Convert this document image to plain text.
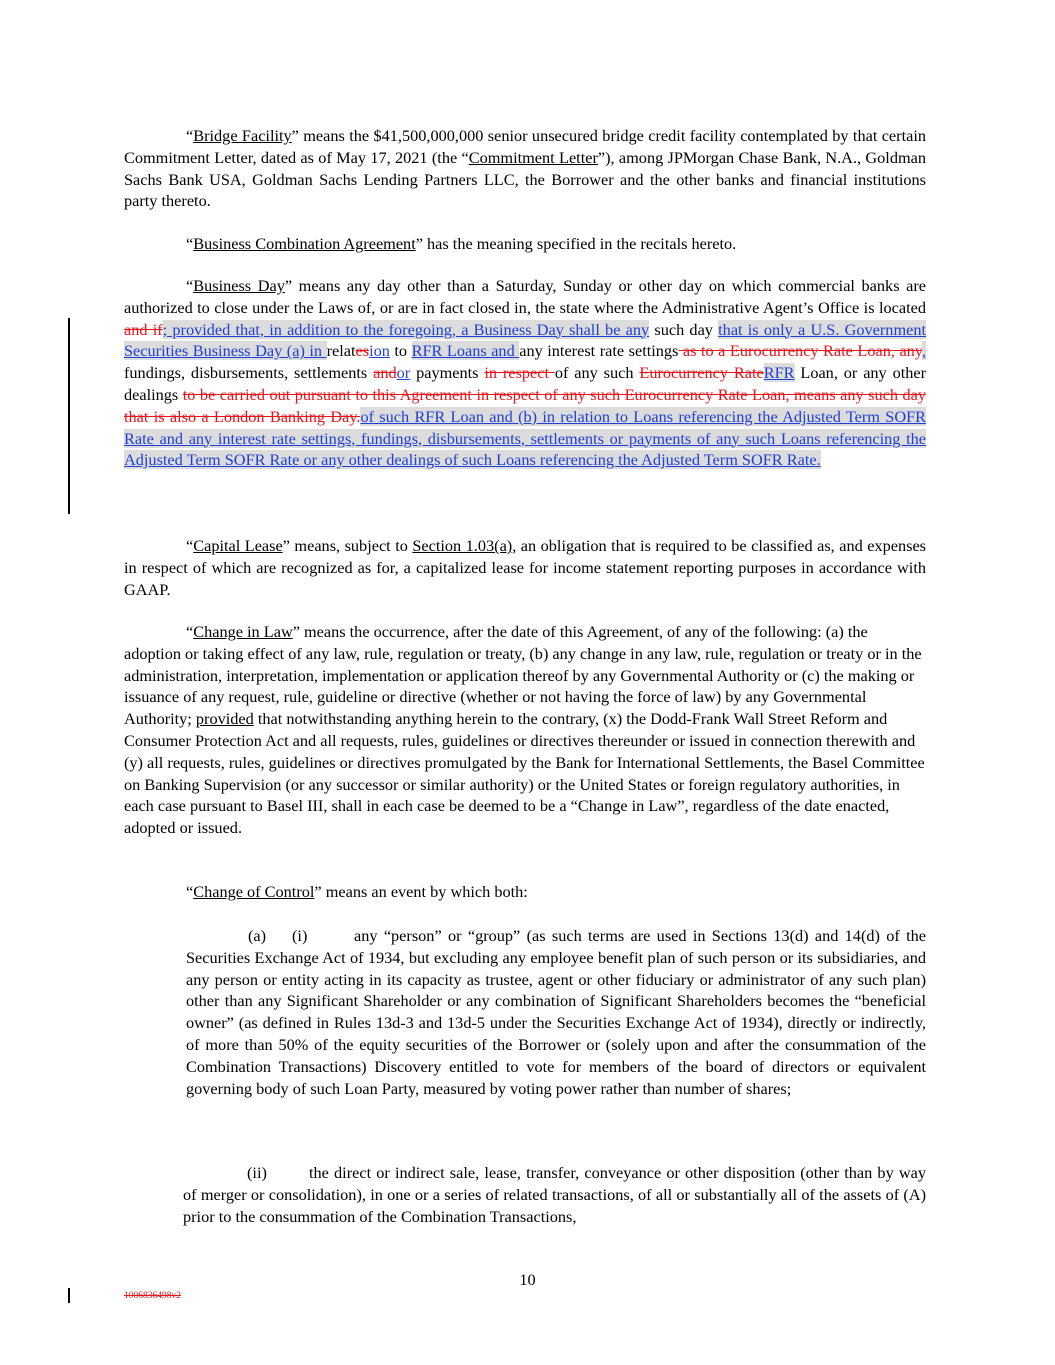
“Bridge Facility” means the $41,500,000,000 senior unsecured bridge credit facility contemplated by that certain Commitment Letter, dated as of May 17, 2021 (the “Commitment Letter”), among JPMorgan Chase Bank, N.A., Goldman Sachs Bank USA, Goldman Sachs Lending Partners LLC, the Borrower and the other banks and financial institutions party thereto.

“Business Combination Agreement” has the meaning specified in the recitals hereto.

“Business Day” means any day other than a Saturday, Sunday or other day on which commercial banks are authorized to close under the Laws of, or are in fact closed in, the state where the Administrative Agent’s Office is located and if; provided that, in addition to the foregoing, a Business Day shall be any such day that is only a U.S. Government Securities Business Day (a) in relatesion to RFR Loans and any interest rate settings as to a Eurocurrency Rate Loan, any, fundings, disbursements, settlements andor payments in respect of any such Eurocurrency RateRFR Loan, or any other dealings to be carried out pursuant to this Agreement in respect of any such Eurocurrency Rate Loan, means any such day that is also a London Banking Day.of such RFR Loan and (b) in relation to Loans referencing the Adjusted Term SOFR Rate and any interest rate settings, fundings, disbursements, settlements or payments of any such Loans referencing the Adjusted Term SOFR Rate or any other dealings of such Loans referencing the Adjusted Term SOFR Rate.

“Capital Lease” means, subject to Section 1.03(a), an obligation that is required to be classified as, and expenses in respect of which are recognized as for, a capitalized lease for income statement reporting purposes in accordance with GAAP.

“Change in Law” means the occurrence, after the date of this Agreement, of any of the following: (a) the adoption or taking effect of any law, rule, regulation or treaty, (b) any change in any law, rule, regulation or treaty or in the administration, interpretation, implementation or application thereof by any Governmental Authority or (c) the making or issuance of any request, rule, guideline or directive (whether or not having the force of law) by any Governmental Authority; provided that notwithstanding anything herein to the contrary, (x) the Dodd-Frank Wall Street Reform and Consumer Protection Act and all requests, rules, guidelines or directives thereunder or issued in connection therewith and (y) all requests, rules, guidelines or directives promulgated by the Bank for International Settlements, the Basel Committee on Banking Supervision (or any successor or similar authority) or the United States or foreign regulatory authorities, in each case pursuant to Basel III, shall in each case be deemed to be a “Change in Law”, regardless of the date enacted, adopted or issued.

“Change of Control” means an event by which both:

(a) (i)	any “person” or “group” (as such terms are used in Sections 13(d) and 14(d) of the Securities Exchange Act of 1934, but excluding any employee benefit plan of such person or its subsidiaries, and any person or entity acting in its capacity as trustee, agent or other fiduciary or administrator of any such plan) other than any Significant Shareholder or any combination of Significant Shareholders becomes the “beneficial owner” (as defined in Rules 13d-3 and 13d-5 under the Securities Exchange Act of 1934), directly or indirectly, of more than 50% of the equity securities of the Borrower or (solely upon and after the consummation of the Combination Transactions) Discovery entitled to vote for members of the board of directors or equivalent governing body of such Loan Party, measured by voting power rather than number of shares;

(ii)	the direct or indirect sale, lease, transfer, conveyance or other disposition (other than by way of merger or consolidation), in one or a series of related transactions, of all or substantially all of the assets of (A) prior to the consummation of the Combination Transactions,

10
1006836498v2
